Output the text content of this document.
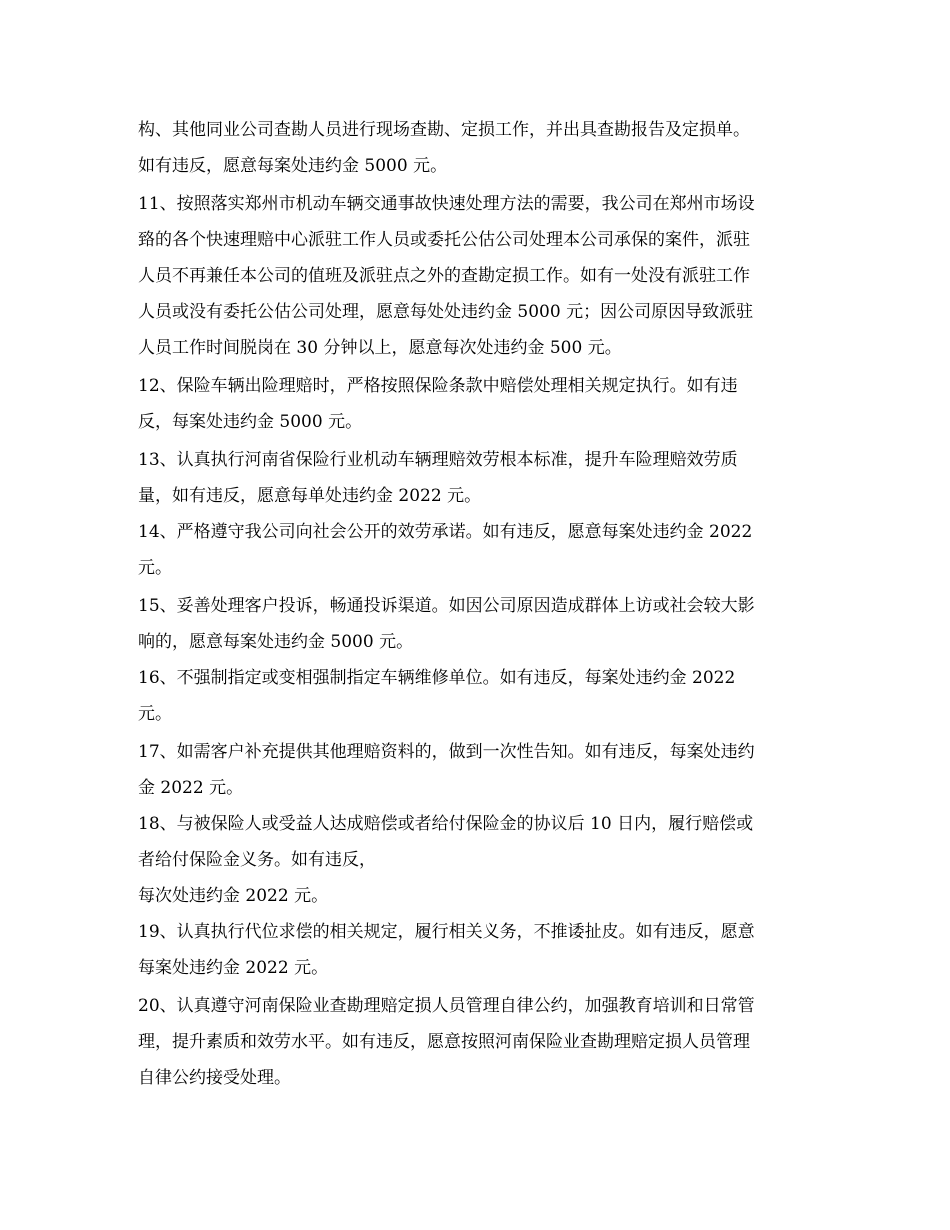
构、其他同业公司查勘人员进行现场查勘、定损工作，并出具查勘报告及定损单。
如有违反，愿意每案处违约金 5000 元。
11、按照落实郑州市机动车辆交通事故快速处理方法的需要，我公司在郑州市场设
臵的各个快速理赔中心派驻工作人员或委托公估公司处理本公司承保的案件，派驻
人员不再兼任本公司的值班及派驻点之外的查勘定损工作。如有一处没有派驻工作
人员或没有委托公估公司处理，愿意每处处违约金 5000 元；因公司原因导致派驻
人员工作时间脱岗在 30 分钟以上，愿意每次处违约金 500 元。
12、保险车辆出险理赔时，严格按照保险条款中赔偿处理相关规定执行。如有违
反，每案处违约金 5000 元。
13、认真执行河南省保险行业机动车辆理赔效劳根本标准，提升车险理赔效劳质
量，如有违反，愿意每单处违约金 2022 元。
14、严格遵守我公司向社会公开的效劳承诺。如有违反，愿意每案处违约金 2022
元。
15、妥善处理客户投诉，畅通投诉渠道。如因公司原因造成群体上访或社会较大影
响的，愿意每案处违约金 5000 元。
16、不强制指定或变相强制指定车辆维修单位。如有违反，每案处违约金 2022
元。
17、如需客户补充提供其他理赔资料的，做到一次性告知。如有违反，每案处违约
金 2022 元。
18、与被保险人或受益人达成赔偿或者给付保险金的协议后 10 日内，履行赔偿或
者给付保险金义务。如有违反，
每次处违约金 2022 元。
19、认真执行代位求偿的相关规定，履行相关义务，不推诿扯皮。如有违反，愿意
每案处违约金 2022 元。
20、认真遵守河南保险业查勘理赔定损人员管理自律公约，加强教育培训和日常管
理，提升素质和效劳水平。如有违反，愿意按照河南保险业查勘理赔定损人员管理
自律公约接受处理。
